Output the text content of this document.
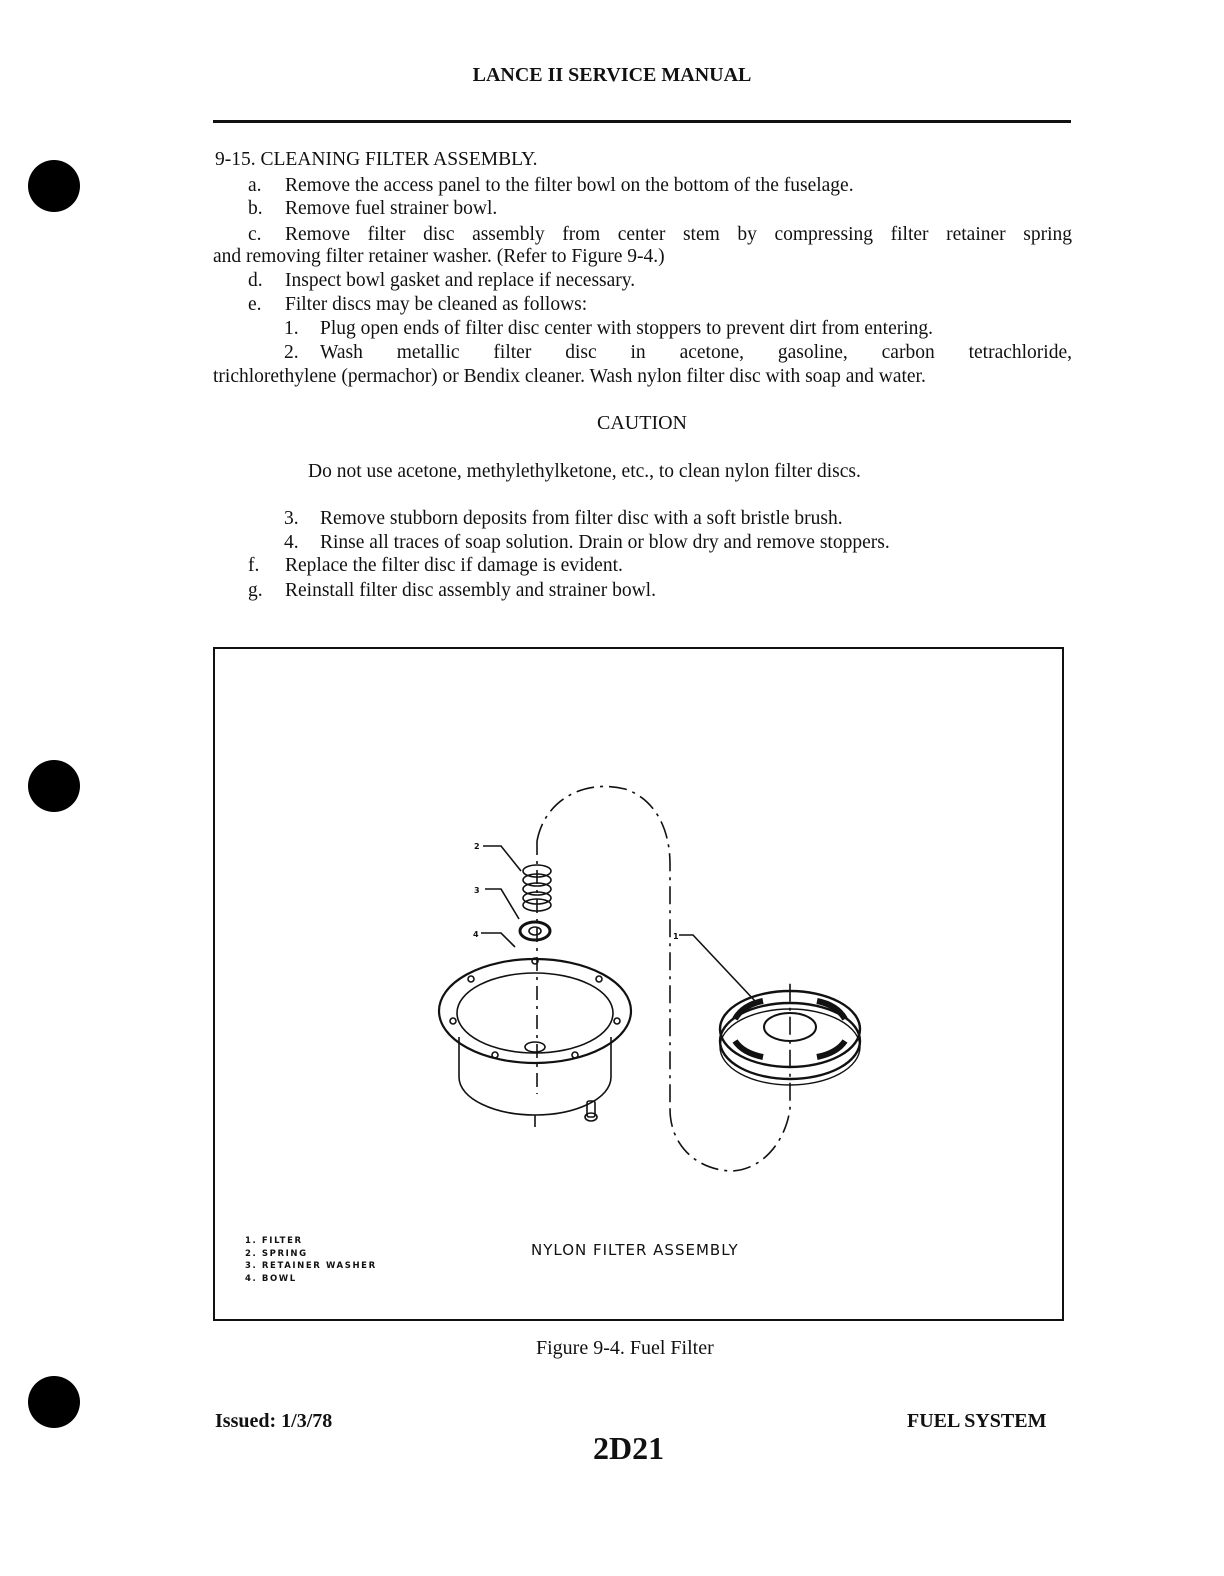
LANCE II SERVICE MANUAL
9-15. CLEANING FILTER ASSEMBLY.
a. Remove the access panel to the filter bowl on the bottom of the fuselage.
b. Remove fuel strainer bowl.
c. Remove filter disc assembly from center stem by compressing filter retainer spring
and removing filter retainer washer. (Refer to Figure 9-4.)
d. Inspect bowl gasket and replace if necessary.
e. Filter discs may be cleaned as follows:
1. Plug open ends of filter disc center with stoppers to prevent dirt from entering.
2. Wash metallic filter disc in acetone, gasoline, carbon tetrachloride,
trichlorethylene (permachor) or Bendix cleaner. Wash nylon filter disc with soap and water.
CAUTION
Do not use acetone, methylethylketone, etc., to clean nylon filter discs.
3. Remove stubborn deposits from filter disc with a soft bristle brush.
4. Rinse all traces of soap solution. Drain or blow dry and remove stoppers.
f. Replace the filter disc if damage is evident.
g. Reinstall filter disc assembly and strainer bowl.
2
3
4	1
1. FILTER
2. SPRING
3. RETAINER WASHER
4. BOWL
NYLON FILTER ASSEMBLY
Figure 9-4. Fuel Filter
Issued: 1/3/78	FUEL SYSTEM
2D21
